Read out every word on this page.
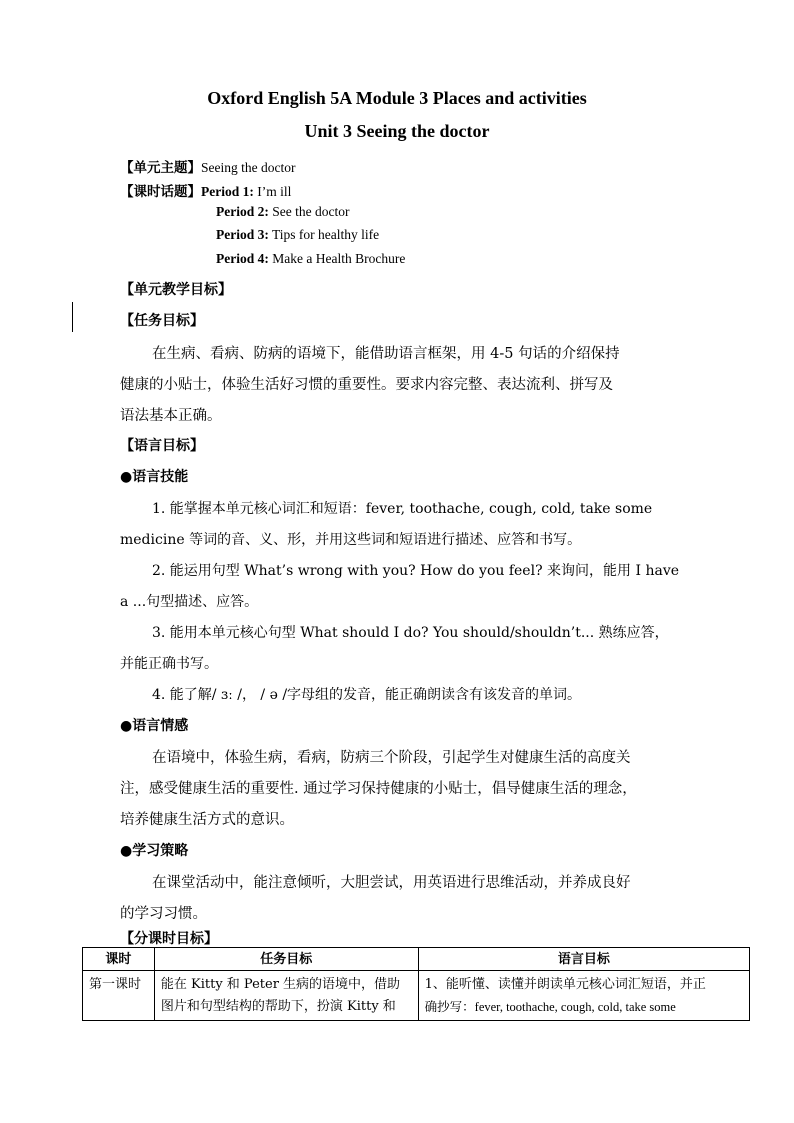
Oxford English 5A Module 3 Places and activities
Unit 3 Seeing the doctor
【单元主题】Seeing the doctor
【课时话题】Period 1: I’m ill
Period 2: See the doctor
Period 3: Tips for healthy life
Period 4: Make a Health Brochure
【单元教学目标】
【任务目标】
在生病、看病、防病的语境下，能借助语言框架，用 4-5 句话的介绍保持
健康的小贴士，体验生活好习惯的重要性。要求内容完整、表达流利、拼写及
语法基本正确。
【语言目标】
●语言技能
1. 能掌握本单元核心词汇和短语：fever, toothache, cough, cold, take some
medicine 等词的音、义、形，并用这些词和短语进行描述、应答和书写。
2. 能运用句型 What’s wrong with you? How do you feel? 来询问，能用 I have
a ...句型描述、应答。
3. 能用本单元核心句型 What should I do? You should/shouldn’t... 熟练应答，
并能正确书写。
4. 能了解/ ɜː /， / ə /字母组的发音，能正确朗读含有该发音的单词。
●语言情感
在语境中，体验生病，看病，防病三个阶段，引起学生对健康生活的高度关
注，感受健康生活的重要性. 通过学习保持健康的小贴士，倡导健康生活的理念，
培养健康生活方式的意识。
●学习策略
在课堂活动中，能注意倾听，大胆尝试，用英语进行思维活动，并养成良好
的学习习惯。
【分课时目标】
课时	任务目标	语言目标

第一课时	能在 Kitty 和 Peter 生病的语境中，借助
图片和句型结构的帮助下，扮演 Kitty 和	1、能听懂、读懂并朗读单元核心词汇短语，并正
确抄写：fever, toothache, cough, cold, take some
